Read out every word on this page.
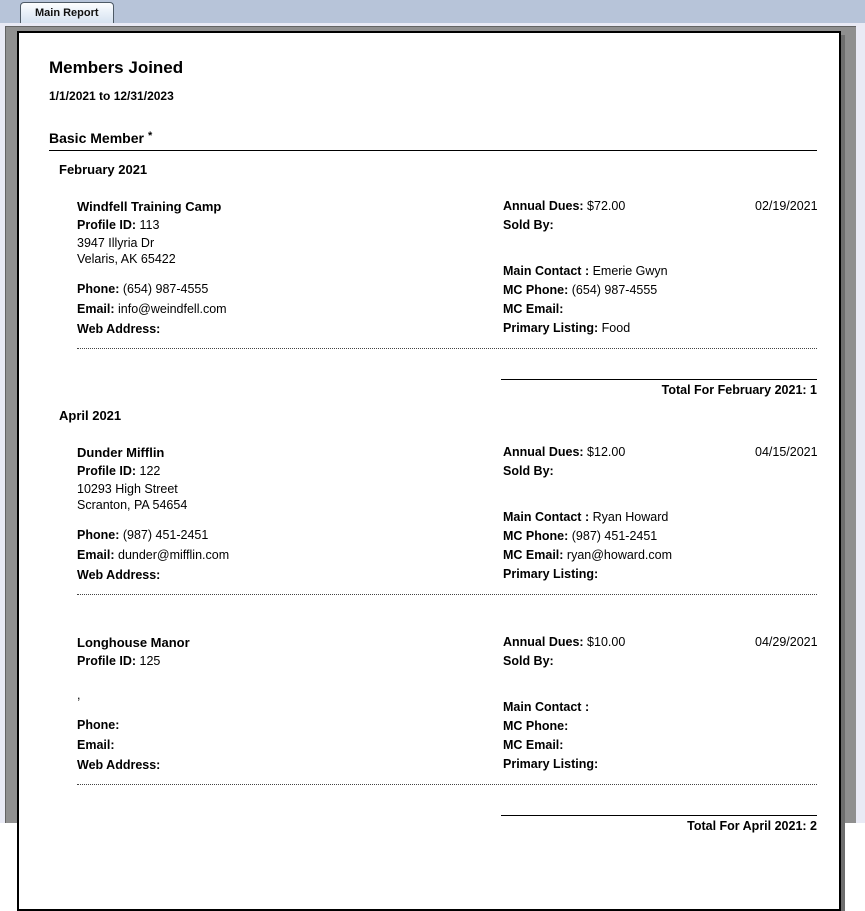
Main Report
Members Joined
1/1/2021 to 12/31/2023
Basic Member *
February 2021
Windfell Training Camp
Profile ID: 113
3947 Illyria Dr
Velaris, AK 65422
Phone: (654) 987-4555
Email: info@weindfell.com
Web Address:
Annual Dues: $72.00
Sold By:
Main Contact : Emerie Gwyn
MC Phone: (654) 987-4555
MC Email:
Primary Listing: Food
02/19/2021
Total For February 2021: 1
April 2021
Dunder Mifflin
Profile ID: 122
10293 High Street
Scranton, PA 54654
Phone: (987) 451-2451
Email: dunder@mifflin.com
Web Address:
Annual Dues: $12.00
Sold By:
Main Contact : Ryan Howard
MC Phone: (987) 451-2451
MC Email: ryan@howard.com
Primary Listing:
04/15/2021
Longhouse Manor
Profile ID: 125
,
Phone:
Email:
Web Address:
Annual Dues: $10.00
Sold By:
Main Contact :
MC Phone:
MC Email:
Primary Listing:
04/29/2021
Total For April 2021: 2
